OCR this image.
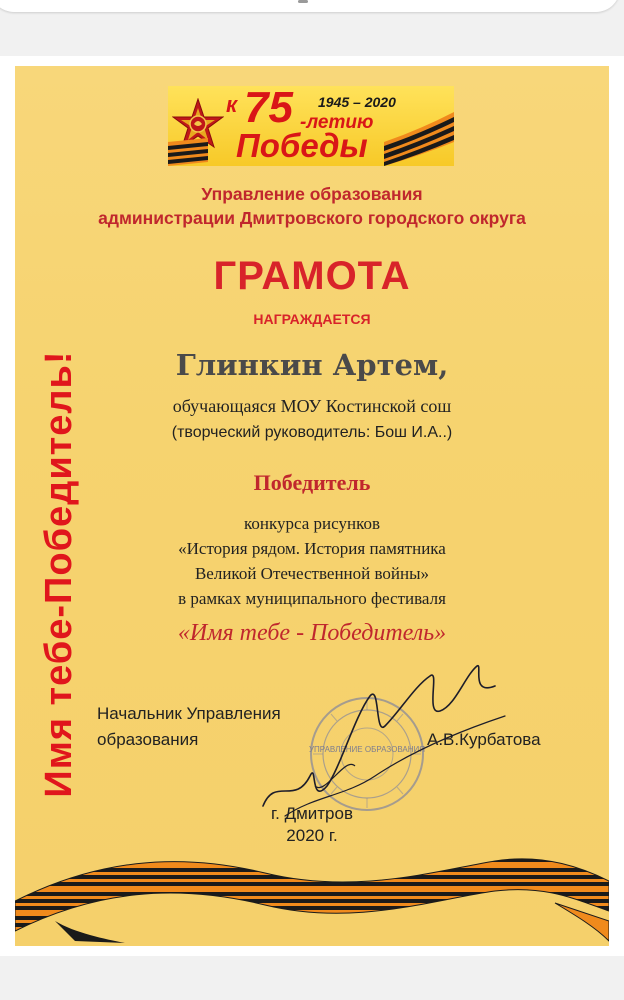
Имя тебе-Победитель!
к 75 1945 – 2020
-летию
Победы
Управление образования
администрации Дмитровского городского округа
ГРАМОТА
НАГРАЖДАЕТСЯ
Глинкин Артем,
обучающаяся МОУ Костинской сош
(творческий руководитель: Бош И.А..)
Победитель
конкурса рисунков
«История рядом. История памятника
Великой Отечественной войны»
в рамках муниципального фестиваля
«Имя тебе - Победитель»
Начальник Управления
образования	А.В.Курбатова
УПРАВЛЕНИЕ ОБРАЗОВАНИЯ
г. Дмитров
2020 г.
